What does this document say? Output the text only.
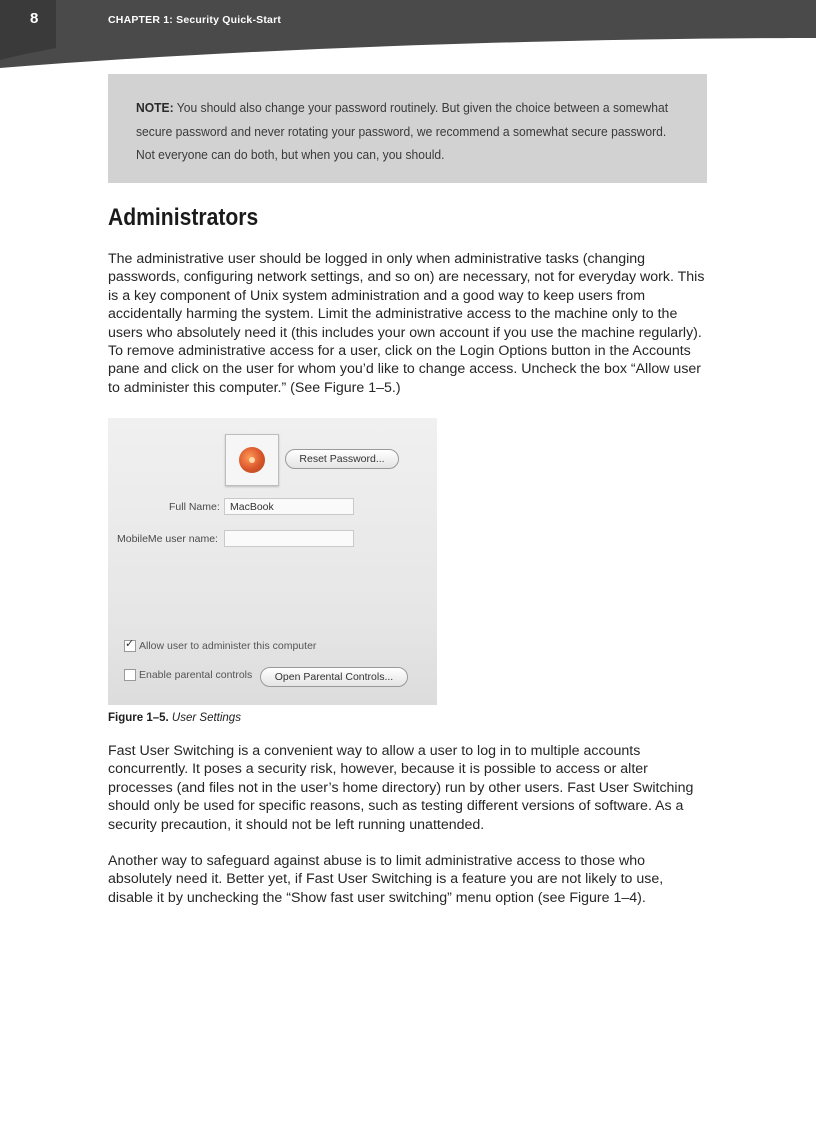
8	CHAPTER 1: Security Quick-Start
NOTE: You should also change your password routinely. But given the choice between a somewhat secure password and never rotating your password, we recommend a somewhat secure password. Not everyone can do both, but when you can, you should.
Administrators

The administrative user should be logged in only when administrative tasks (changing passwords, configuring network settings, and so on) are necessary, not for everyday work. This is a key component of Unix system administration and a good way to keep users from accidentally harming the system. Limit the administrative access to the machine only to the users who absolutely need it (this includes your own account if you use the machine regularly). To remove administrative access for a user, click on the Login Options button in the Accounts pane and click on the user for whom you’d like to change access. Uncheck the box “Allow user to administer this computer.” (See Figure 1–5.)

Reset Password...
Full Name: MacBook
MobileMe user name:
✓
Allow user to administer this computer
Enable parental controls	Open Parental Controls...
Figure 1–5. User Settings

Fast User Switching is a convenient way to allow a user to log in to multiple accounts concurrently. It poses a security risk, however, because it is possible to access or alter processes (and files not in the user’s home directory) run by other users. Fast User Switching should only be used for specific reasons, such as testing different versions of software. As a security precaution, it should not be left running unattended.

Another way to safeguard against abuse is to limit administrative access to those who absolutely need it. Better yet, if Fast User Switching is a feature you are not likely to use, disable it by unchecking the “Show fast user switching” menu option (see Figure 1–4).
